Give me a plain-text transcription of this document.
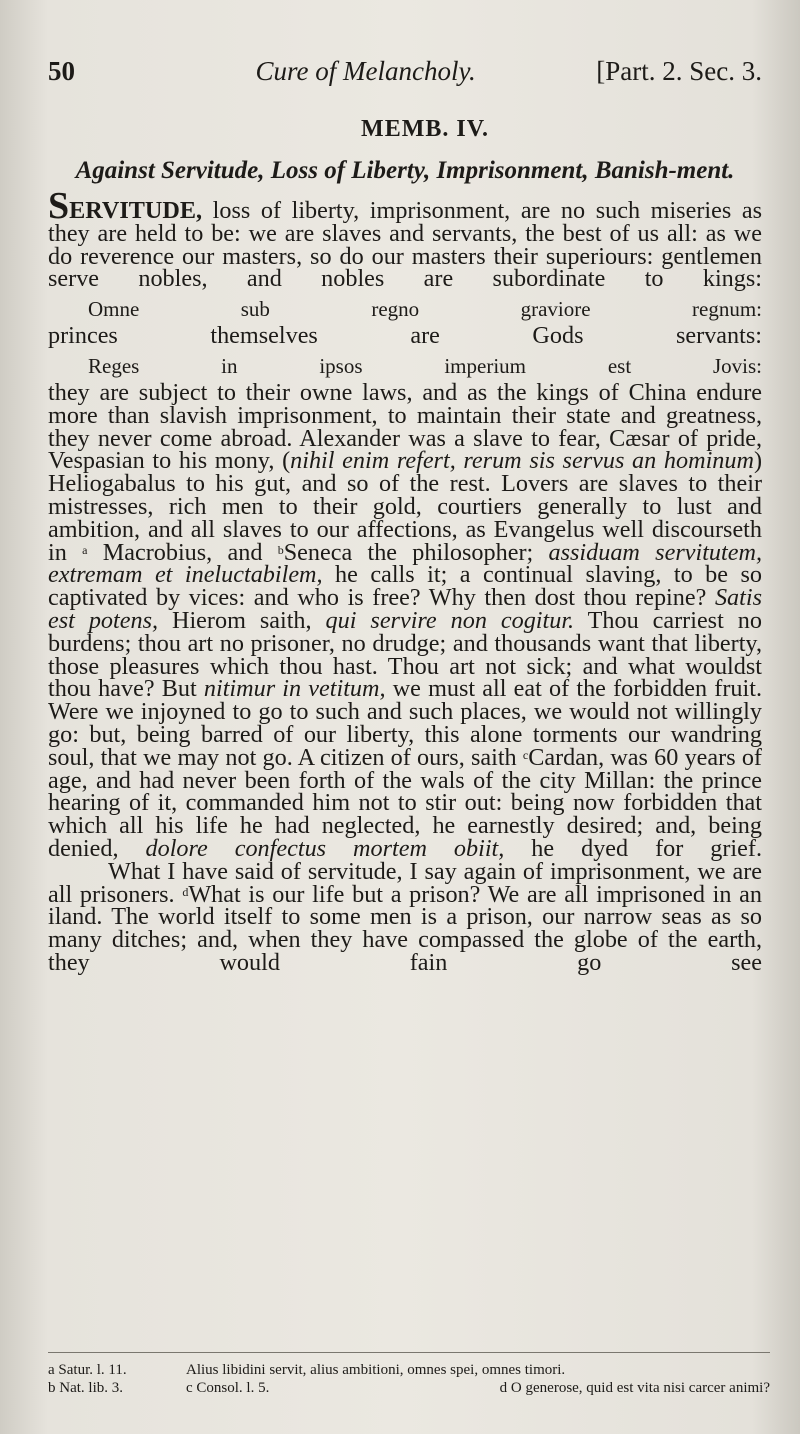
50	Cure of Melancholy.	[Part. 2. Sec. 3.
MEMB. IV.
Against Servitude, Loss of Liberty, Imprisonment, Banish-ment.

SERVITUDE, loss of liberty, imprisonment, are no such miseries as they are held to be: we are slaves and servants, the best of us all: as we do reverence our masters, so do our masters their superiours: gentlemen serve nobles, and nobles are subordinate to kings:

Omne sub regno graviore regnum:
princes themselves are Gods servants:
Reges in ipsos imperium est Jovis:

they are subject to their owne laws, and as the kings of China endure more than slavish imprisonment, to maintain their state and greatness, they never come abroad. Alexander was a slave to fear, Cæsar of pride, Vespasian to his mony, (nihil enim refert, rerum sis servus an hominum) Heliogabalus to his gut, and so of the rest. Lovers are slaves to their mistresses, rich men to their gold, courtiers generally to lust and ambition, and all slaves to our affections, as Evangelus well discourseth in $^a$ Macrobius, and $^b$Seneca the philosopher; assiduam servitutem, extremam et ineluctabilem, he calls it; a continual slaving, to be so captivated by vices: and who is free? Why then dost thou repine? Satis est potens, Hierom saith, qui servire non cogitur. Thou carriest no burdens; thou art no prisoner, no drudge; and thousands want that liberty, those pleasures which thou hast. Thou art not sick; and what wouldst thou have? But nitimur in vetitum, we must all eat of the forbidden fruit. Were we injoyned to go to such and such places, we would not willingly go: but, being barred of our liberty, this alone torments our wandring soul, that we may not go. A citizen of ours, saith $^c$Cardan, was 60 years of age, and had never been forth of the wals of the city Millan: the prince hearing of it, commanded him not to stir out: being now forbidden that which all his life he had neglected, he earnestly desired; and, being denied, dolore confectus mortem obiit, he dyed for grief.

What I have said of servitude, I say again of imprisonment, we are all prisoners. $^d$What is our life but a prison? We are all imprisoned in an iland. The world itself to some men is a prison, our narrow seas as so many ditches; and, when they have compassed the globe of the earth, they would fain go see

a Satur. l. 11.
b Nat. lib. 3.
Alius libidini servit, alius ambitioni, omnes spei, omnes timori.
c Consol. l. 5.	d O generose, quid est vita nisi carcer animi?
